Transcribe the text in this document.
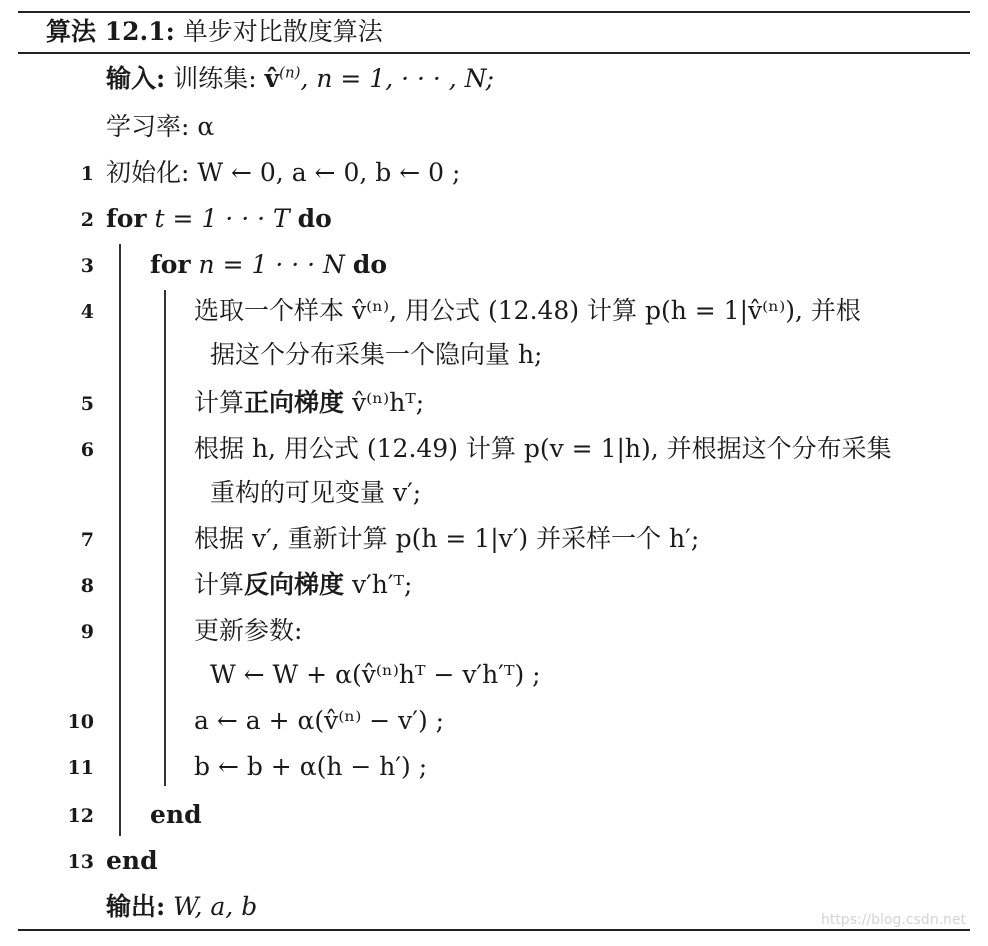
算法 12.1: 单步对比散度算法
输入: 训练集: v̂$^{(n)}$, n = 1, · · · , N;
学习率: α
1 初始化: W ← 0, a ← 0, b ← 0 ;
2 for t = 1 · · · T do
3 for n = 1 · · · N do
4	选取一个样本 v̂⁽ⁿ⁾, 用公式 (12.48) 计算 p(h = 1|v̂⁽ⁿ⁾), 并根
据这个分布采集一个隐向量 h;
5	计算正向梯度 v̂⁽ⁿ⁾hᵀ;
6	根据 h, 用公式 (12.49) 计算 p(v = 1|h), 并根据这个分布采集
重构的可见变量 v′;
7	根据 v′, 重新计算 p(h = 1|v′) 并采样一个 h′;
8	计算反向梯度 v′h′ᵀ;
9	更新参数:
W ← W + α(v̂⁽ⁿ⁾hᵀ − v′h′ᵀ) ;
10	a ← a + α(v̂⁽ⁿ⁾ − v′) ;
11	b ← b + α(h − h′) ;
12 end
13 end
输出: W, a, b	https://blog.csdn.net
